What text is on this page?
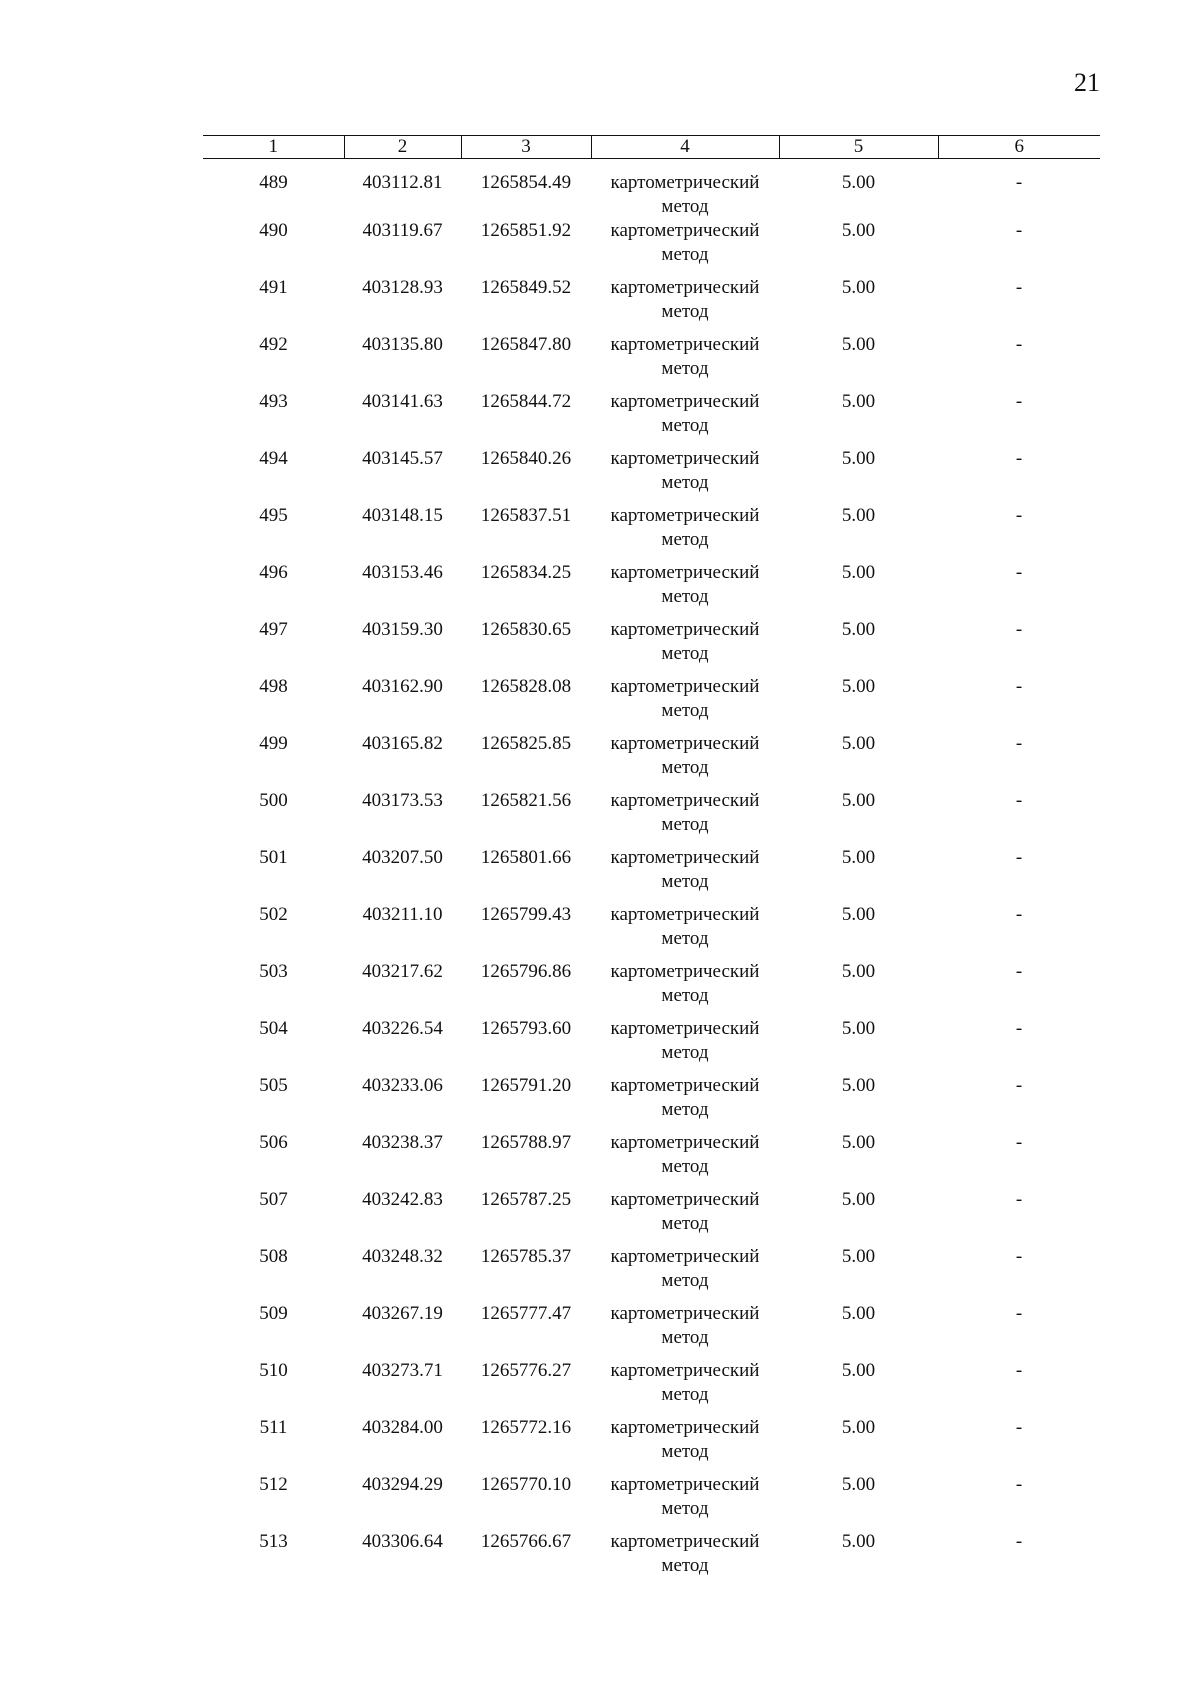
21
1	2	3	4	5	6
489	403112.81	1265854.49	картометрический метод	5.00	-
490	403119.67	1265851.92	картометрический метод	5.00	-
491	403128.93	1265849.52	картометрический метод	5.00	-
492	403135.80	1265847.80	картометрический метод	5.00	-
493	403141.63	1265844.72	картометрический метод	5.00	-
494	403145.57	1265840.26	картометрический метод	5.00	-
495	403148.15	1265837.51	картометрический метод	5.00	-
496	403153.46	1265834.25	картометрический метод	5.00	-
497	403159.30	1265830.65	картометрический метод	5.00	-
498	403162.90	1265828.08	картометрический метод	5.00	-
499	403165.82	1265825.85	картометрический метод	5.00	-
500	403173.53	1265821.56	картометрический метод	5.00	-
501	403207.50	1265801.66	картометрический метод	5.00	-
502	403211.10	1265799.43	картометрический метод	5.00	-
503	403217.62	1265796.86	картометрический метод	5.00	-
504	403226.54	1265793.60	картометрический метод	5.00	-
505	403233.06	1265791.20	картометрический метод	5.00	-
506	403238.37	1265788.97	картометрический метод	5.00	-
507	403242.83	1265787.25	картометрический метод	5.00	-
508	403248.32	1265785.37	картометрический метод	5.00	-
509	403267.19	1265777.47	картометрический метод	5.00	-
510	403273.71	1265776.27	картометрический метод	5.00	-
511	403284.00	1265772.16	картометрический метод	5.00	-
512	403294.29	1265770.10	картометрический метод	5.00	-
513	403306.64	1265766.67	картометрический метод	5.00	-
